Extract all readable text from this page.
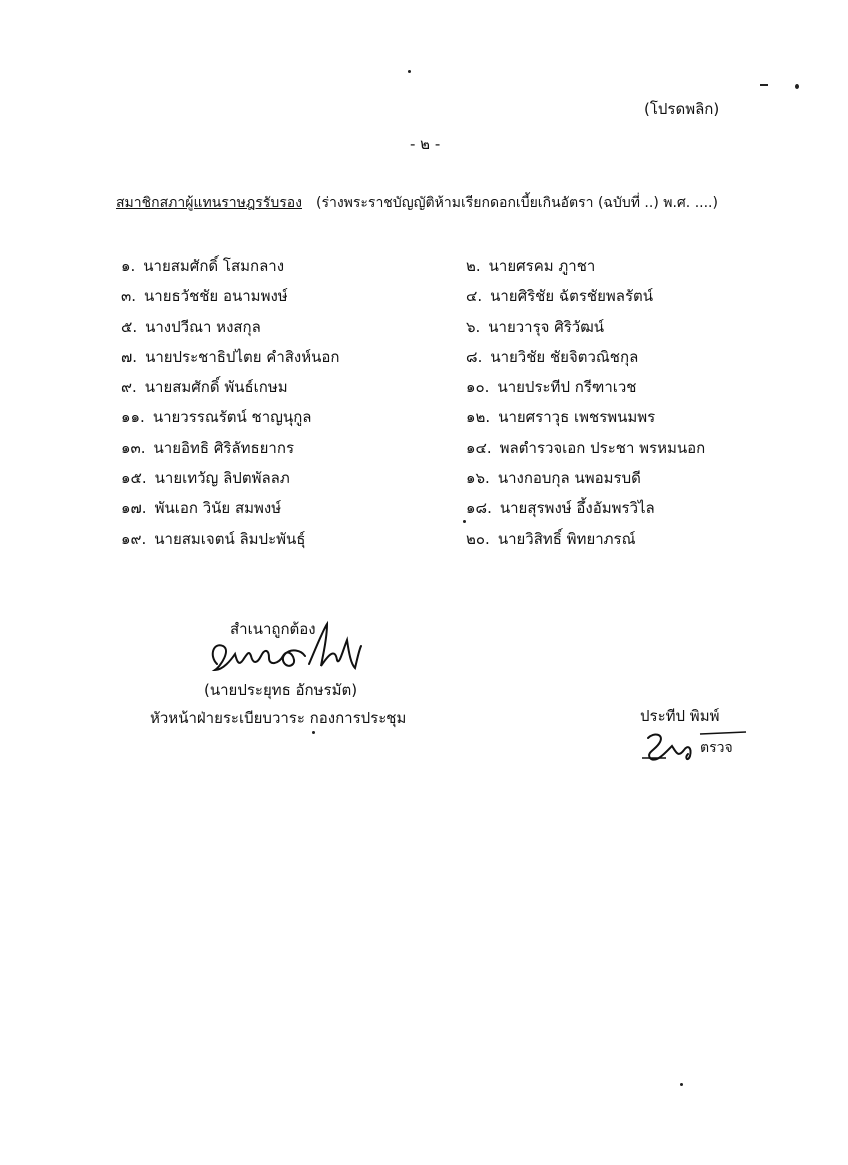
(โปรดพลิก)
- ๒ -
สมาชิกสภาผู้แทนราษฎรรับรอง (ร่างพระราชบัญญัติห้ามเรียกดอกเบี้ยเกินอัตรา (ฉบับที่ ..) พ.ศ. ....)
๑. นายสมศักดิ์ โสมกลาง
๓. นายธวัชชัย อนามพงษ์
๕. นางปวีณา หงสกุล
๗. นายประชาธิปไตย คำสิงห์นอก
๙. นายสมศักดิ์ พันธ์เกษม
๑๑. นายวรรณรัตน์ ชาญนุกูล
๑๓. นายอิทธิ ศิริลัทธยากร
๑๕. นายเทวัญ ลิปตพัลลภ
๑๗. พันเอก วินัย สมพงษ์
๑๙. นายสมเจตน์ ลิมปะพันธุ์
๒. นายศรคม ภูาชา
๔. นายศิริชัย ฉัตรชัยพลรัตน์
๖. นายวารุจ ศิริวัฒน์
๘. นายวิชัย ชัยจิตวณิชกุล
๑๐. นายประทีป กรีฑาเวช
๑๒. นายศราวุธ เพชรพนมพร
๑๔. พลตำรวจเอก ประชา พรหมนอก
๑๖. นางกอบกุล นพอมรบดี
๑๘. นายสุรพงษ์ อึ้งอัมพรวิไล
๒๐. นายวิสิทธิ์ พิทยาภรณ์
สำเนาถูกต้อง
(นายประยุทธ อักษรมัต)
หัวหน้าฝ่ายระเบียบวาระ กองการประชุม	ประทีป พิมพ์
ตรวจ
